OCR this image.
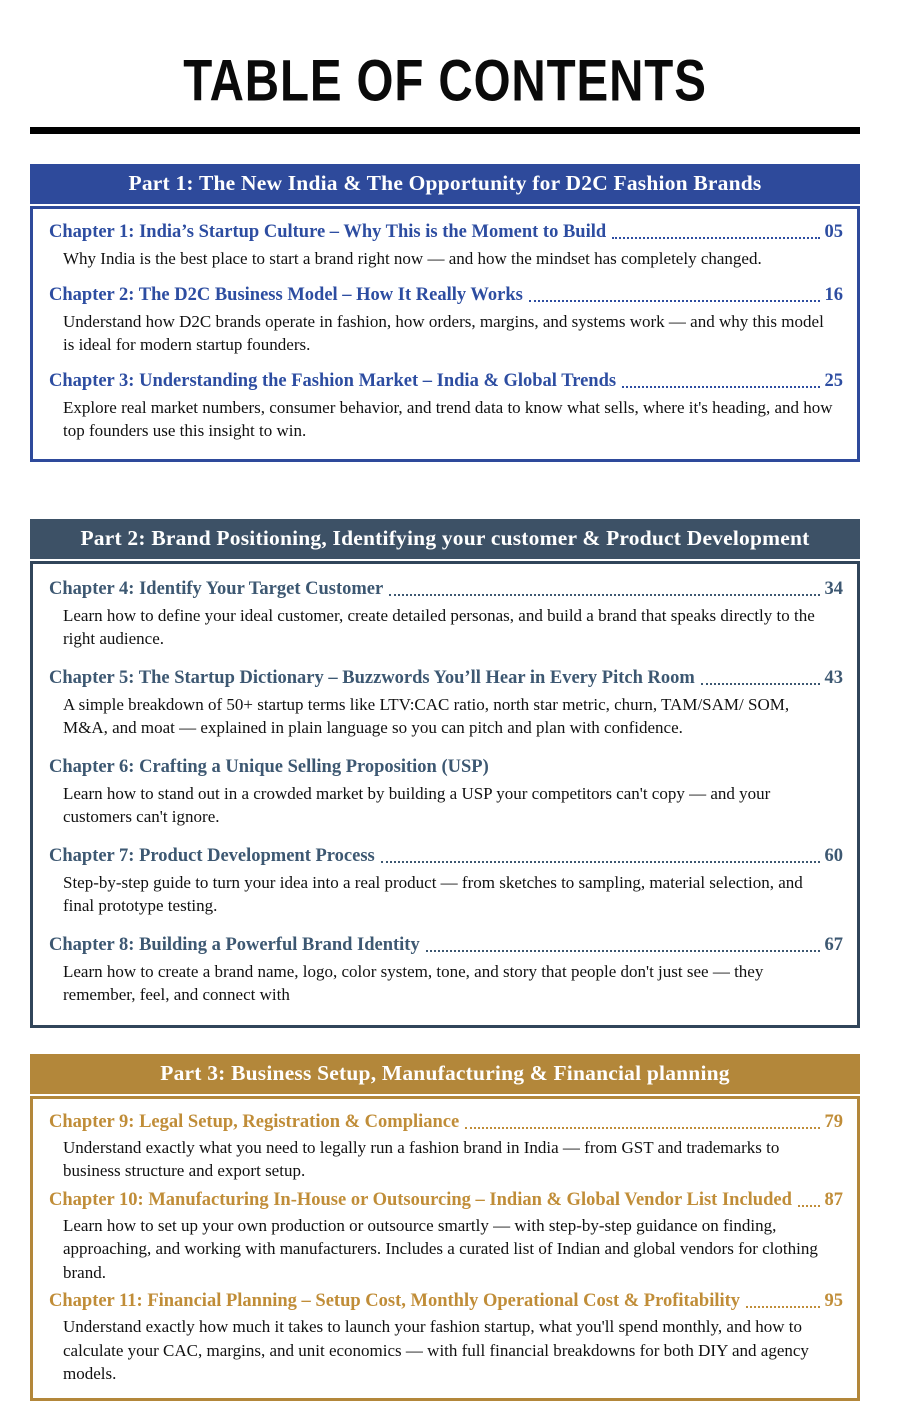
TABLE OF CONTENTS
Part 1: The New India & The Opportunity for D2C Fashion Brands
Chapter 1: India’s Startup Culture – Why This is the Moment to Build	05

Why India is the best place to start a brand right now — and how the mindset has completely changed.

Chapter 2: The D2C Business Model – How It Really Works	16

Understand how D2C brands operate in fashion, how orders, margins, and systems work — and why this model is ideal for modern startup founders.

Chapter 3: Understanding the Fashion Market – India & Global Trends	25

Explore real market numbers, consumer behavior, and trend data to know what sells, where it's heading, and how top founders use this insight to win.

Part 2: Brand Positioning, Identifying your customer & Product Development
Chapter 4: Identify Your Target Customer	34

Learn how to define your ideal customer, create detailed personas, and build a brand that speaks directly to the right audience.

Chapter 5: The Startup Dictionary – Buzzwords You’ll Hear in Every Pitch Room	43

A simple breakdown of 50+ startup terms like LTV:CAC ratio, north star metric, churn, TAM/SAM/ SOM, M&A, and moat — explained in plain language so you can pitch and plan with confidence.

Chapter 6: Crafting a Unique Selling Proposition (USP)

Learn how to stand out in a crowded market by building a USP your competitors can't copy — and your customers can't ignore.

Chapter 7: Product Development Process	60

Step-by-step guide to turn your idea into a real product — from sketches to sampling, material selection, and final prototype testing.

Chapter 8: Building a Powerful Brand Identity	67

Learn how to create a brand name, logo, color system, tone, and story that people don't just see — they remember, feel, and connect with

Part 3: Business Setup, Manufacturing & Financial planning
Chapter 9: Legal Setup, Registration & Compliance	79

Understand exactly what you need to legally run a fashion brand in India — from GST and trademarks to business structure and export setup.

Chapter 10: Manufacturing In-House or Outsourcing – Indian & Global Vendor List Included 87

Learn how to set up your own production or outsource smartly — with step-by-step guidance on finding, approaching, and working with manufacturers. Includes a curated list of Indian and global vendors for clothing brand.

Chapter 11: Financial Planning – Setup Cost, Monthly Operational Cost & Profitability	95

Understand exactly how much it takes to launch your fashion startup, what you'll spend monthly, and how to calculate your CAC, margins, and unit economics — with full financial breakdowns for both DIY and agency models.
